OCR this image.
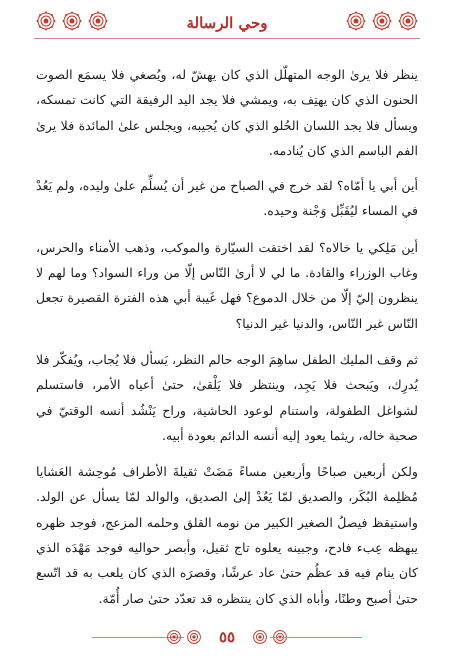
وحي الرسالة

ينظر فلا يرىٰ الوجه المتهلّل الذي كان يهشّ له، ويُصغي فلا يسمَع الصوت الحنون الذي كان يهتِف به، ويمشي فلا يجد اليد الرفيقة التي كانت تمسكه، ويسأل فلا يجد اللسان الحُلو الذي كان يُجيبه، ويجلس علىٰ المائدة فلا يرىٰ الفم الباسم الذي كان يُنادمه.

أين أبي يا أمّاه؟ لقد خرج في الصباح من غير أن يُسلِّم علىٰ وليده، ولم يَعُدْ في المساء ليُقَبِّل وَجْنة وحيده.

أين مَلِكي يا خالاه؟ لقد اختفت السيّارة والموكب، وذهب الأمناء والحرس، وغاب الوزراء والقادة. ما لي لا أرىٰ النّاس إلّا من وراء السواد؟ وما لهم لا ينظرون إليّ إلّا من خلال الدموع؟ فهل غَيبة أبي هذه الفترة القصيرة تجعل النّاس غير النّاس، والدنيا غير الدنيا؟

ثم وقف المليك الطفل ساهِمَ الوجه حالم النظر، يَسأل فلا يُجاب، ويُفكّر فلا يُدرِك، ويَبحث فلا يَجِد، وينتظر فلا يَلْقىٰ، حتىٰ أعياه الأمر، فاستسلم لشواغل الطفولة، واستنام لوعود الحاشية، وراح يَنْشُد أنسه الوقتيّ في صحبة خاله، ريثما يعود إليه أنسه الدائم بعودة أبيه.

ولكن أربعين صباحًا وأربعين مساءً مَضَتْ ثقيلةَ الأطراف مُوحِشة العَشايا مُظلِمة البُكَر، والصديق لمّا يَعُدْ إلىٰ الصديق، والوالد لمّا يسأل عن الولد. واستيقظ فيصلُ الصغير الكبير من نومه القلق وحلمه المزعج، فوجد ظهره يبهظه عِبء فادح، وجبينه يعلوه تاج ثقيل، وأبصر حواليه فوجد مَهْدَه الذي كان ينام فيه قد عظُم حتىٰ عاد عرشًا، وقصرَه الذي كان يلعب به قد اتّسع حتىٰ أصبح وطنًا، وأباه الذي كان ينتظره قد تعدّد حتىٰ صار أُمّة.

٥٥
